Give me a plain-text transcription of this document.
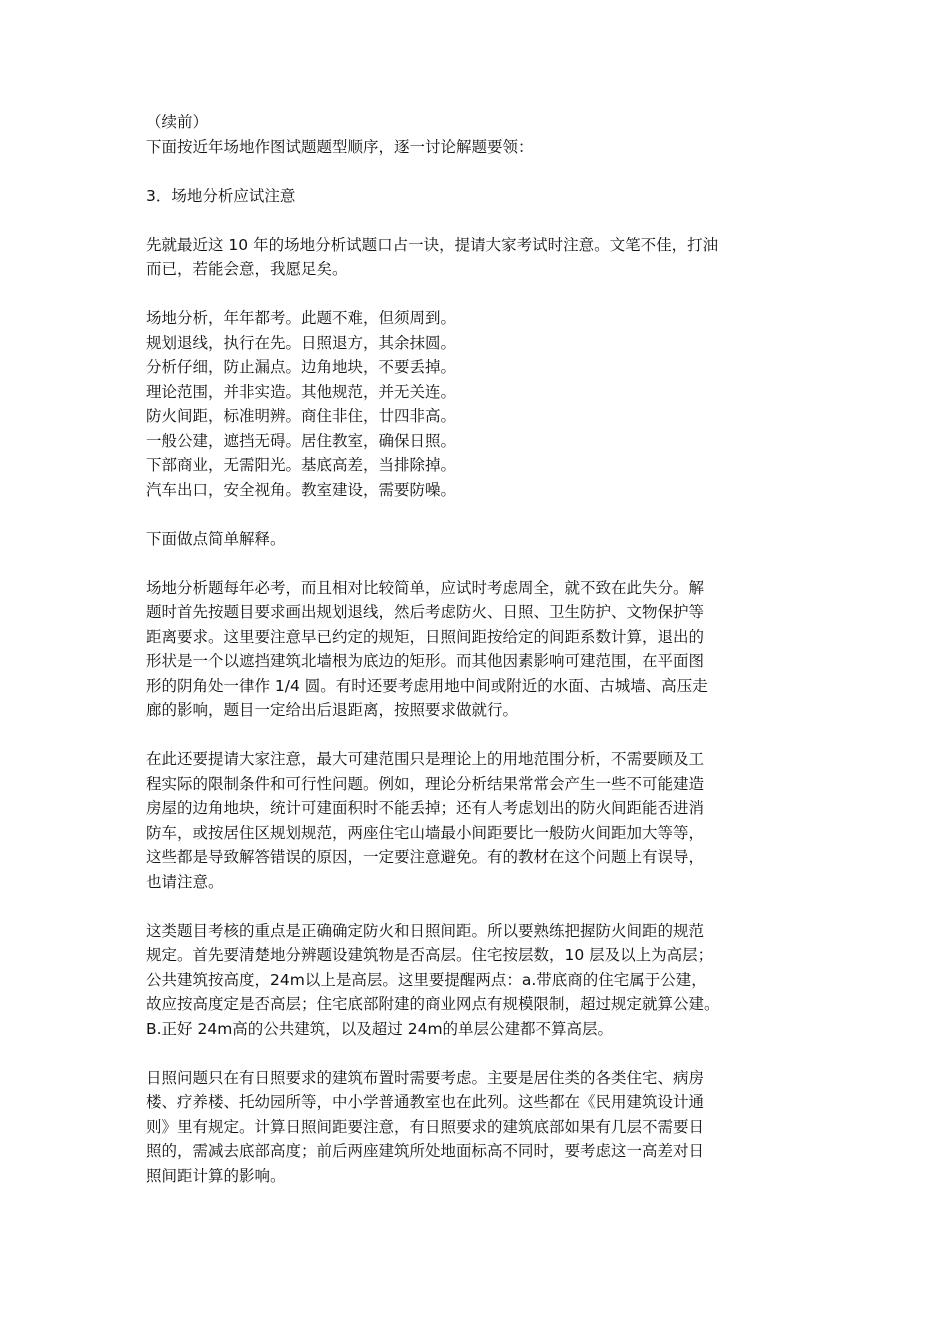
（续前）

下面按近年场地作图试题题型顺序，逐一讨论解题要领：

3．场地分析应试注意

先就最近这 10 年的场地分析试题口占一诀，提请大家考试时注意。文笔不佳，打油

而已，若能会意，我愿足矣。

场地分析，年年都考。此题不难，但须周到。

规划退线，执行在先。日照退方，其余抹圆。

分析仔细，防止漏点。边角地块，不要丢掉。

理论范围，并非实造。其他规范，并无关连。

防火间距，标准明辨。商住非住，廿四非高。

一般公建，遮挡无碍。居住教室，确保日照。

下部商业，无需阳光。基底高差，当排除掉。

汽车出口，安全视角。教室建设，需要防噪。

下面做点简单解释。

场地分析题每年必考，而且相对比较简单，应试时考虑周全，就不致在此失分。解

题时首先按题目要求画出规划退线，然后考虑防火、日照、卫生防护、文物保护等

距离要求。这里要注意早已约定的规矩，日照间距按给定的间距系数计算，退出的

形状是一个以遮挡建筑北墙根为底边的矩形。而其他因素影响可建范围，在平面图

形的阴角处一律作 1/4 圆。有时还要考虑用地中间或附近的水面、古城墙、高压走

廊的影响，题目一定给出后退距离，按照要求做就行。

在此还要提请大家注意，最大可建范围只是理论上的用地范围分析，不需要顾及工

程实际的限制条件和可行性问题。例如，理论分析结果常常会产生一些不可能建造

房屋的边角地块，统计可建面积时不能丢掉；还有人考虑划出的防火间距能否进消

防车，或按居住区规划规范，两座住宅山墙最小间距要比一般防火间距加大等等，

这些都是导致解答错误的原因，一定要注意避免。有的教材在这个问题上有误导，

也请注意。

这类题目考核的重点是正确确定防火和日照间距。所以要熟练把握防火间距的规范

规定。首先要清楚地分辨题设建筑物是否高层。住宅按层数，10 层及以上为高层；

公共建筑按高度，24m以上是高层。这里要提醒两点：a.带底商的住宅属于公建，

故应按高度定是否高层；住宅底部附建的商业网点有规模限制，超过规定就算公建。

B.正好 24m高的公共建筑，以及超过 24m的单层公建都不算高层。

日照问题只在有日照要求的建筑布置时需要考虑。主要是居住类的各类住宅、病房

楼、疗养楼、托幼园所等，中小学普通教室也在此列。这些都在《民用建筑设计通

则》里有规定。计算日照间距要注意，有日照要求的建筑底部如果有几层不需要日

照的，需减去底部高度；前后两座建筑所处地面标高不同时，要考虑这一高差对日

照间距计算的影响。
